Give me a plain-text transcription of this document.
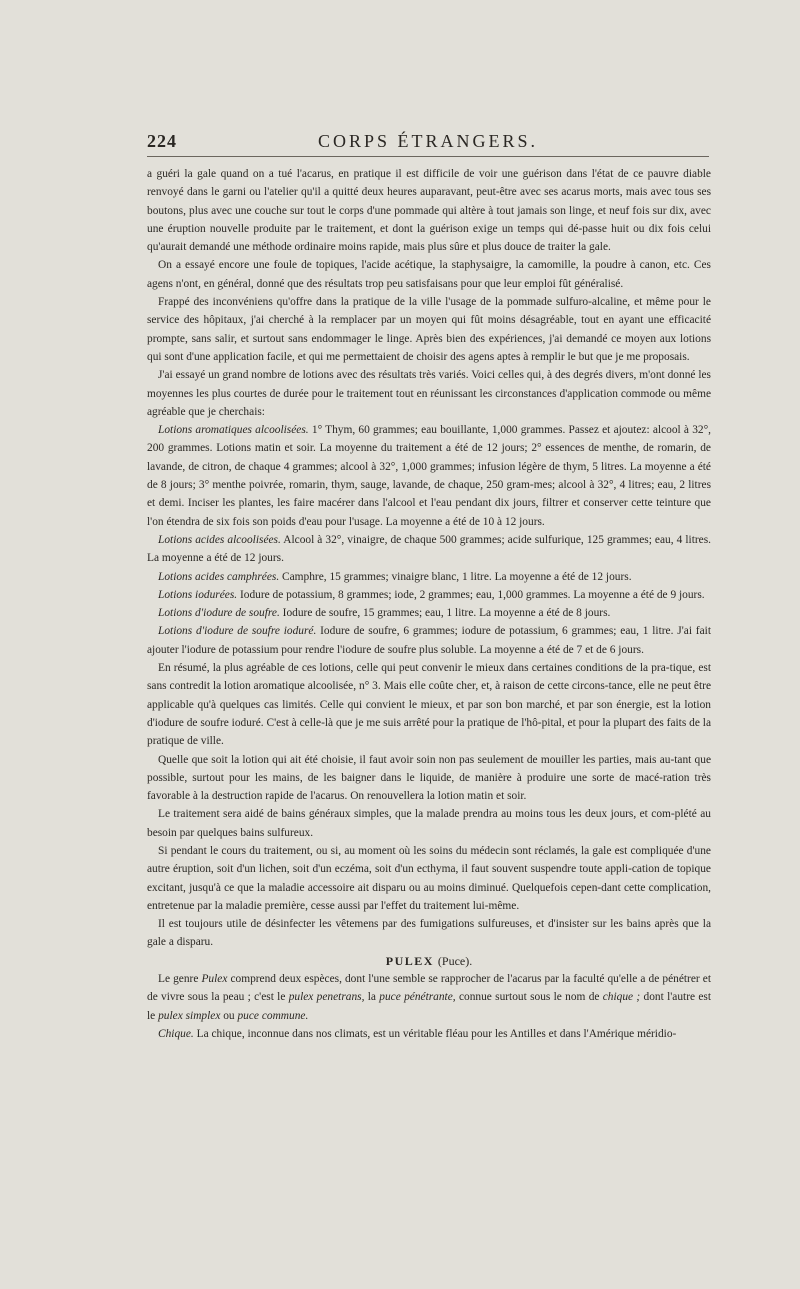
224	CORPS ÉTRANGERS.

a guéri la gale quand on a tué l'acarus, en pratique il est difficile de voir une guérison dans l'état de ce pauvre diable renvoyé dans le garni ou l'atelier qu'il a quitté deux heures auparavant, peut-être avec ses acarus morts, mais avec tous ses boutons, plus avec une couche sur tout le corps d'une pommade qui altère à tout jamais son linge, et neuf fois sur dix, avec une éruption nouvelle produite par le traitement, et dont la guérison exige un temps qui dé-passe huit ou dix fois celui qu'aurait demandé une méthode ordinaire moins rapide, mais plus sûre et plus douce de traiter la gale.

On a essayé encore une foule de topiques, l'acide acétique, la staphysaigre, la camomille, la poudre à canon, etc. Ces agens n'ont, en général, donné que des résultats trop peu satisfaisans pour que leur emploi fût généralisé.

Frappé des inconvéniens qu'offre dans la pratique de la ville l'usage de la pommade sulfuro-alcaline, et même pour le service des hôpitaux, j'ai cherché à la remplacer par un moyen qui fût moins désagréable, tout en ayant une efficacité prompte, sans salir, et surtout sans endommager le linge. Après bien des expériences, j'ai demandé ce moyen aux lotions qui sont d'une application facile, et qui me permettaient de choisir des agens aptes à remplir le but que je me proposais.

J'ai essayé un grand nombre de lotions avec des résultats très variés. Voici celles qui, à des degrés divers, m'ont donné les moyennes les plus courtes de durée pour le traitement tout en réunissant les circonstances d'application commode ou même agréable que je cherchais:

Lotions aromatiques alcoolisées. 1° Thym, 60 grammes; eau bouillante, 1,000 grammes. Passez et ajoutez: alcool à 32°, 200 grammes. Lotions matin et soir. La moyenne du traitement a été de 12 jours; 2° essences de menthe, de romarin, de lavande, de citron, de chaque 4 grammes; alcool à 32°, 1,000 grammes; infusion légère de thym, 5 litres. La moyenne a été de 8 jours; 3° menthe poivrée, romarin, thym, sauge, lavande, de chaque, 250 gram-mes; alcool à 32°, 4 litres; eau, 2 litres et demi. Inciser les plantes, les faire macérer dans l'alcool et l'eau pendant dix jours, filtrer et conserver cette teinture que l'on étendra de six fois son poids d'eau pour l'usage. La moyenne a été de 10 à 12 jours.

Lotions acides alcoolisées. Alcool à 32°, vinaigre, de chaque 500 grammes; acide sulfurique, 125 grammes; eau, 4 litres. La moyenne a été de 12 jours.

Lotions acides camphrées. Camphre, 15 grammes; vinaigre blanc, 1 litre. La moyenne a été de 12 jours.

Lotions iodurées. Iodure de potassium, 8 grammes; iode, 2 grammes; eau, 1,000 grammes. La moyenne a été de 9 jours.

Lotions d'iodure de soufre. Iodure de soufre, 15 grammes; eau, 1 litre. La moyenne a été de 8 jours.

Lotions d'iodure de soufre ioduré. Iodure de soufre, 6 grammes; iodure de potassium, 6 grammes; eau, 1 litre. J'ai fait ajouter l'iodure de potassium pour rendre l'iodure de soufre plus soluble. La moyenne a été de 7 et de 6 jours.

En résumé, la plus agréable de ces lotions, celle qui peut convenir le mieux dans certaines conditions de la pra-tique, est sans contredit la lotion aromatique alcoolisée, n° 3. Mais elle coûte cher, et, à raison de cette circons-tance, elle ne peut être applicable qu'à quelques cas limités. Celle qui convient le mieux, et par son bon marché, et par son énergie, est la lotion d'iodure de soufre ioduré. C'est à celle-là que je me suis arrêté pour la pratique de l'hô-pital, et pour la plupart des faits de la pratique de ville.

Quelle que soit la lotion qui ait été choisie, il faut avoir soin non pas seulement de mouiller les parties, mais au-tant que possible, surtout pour les mains, de les baigner dans le liquide, de manière à produire une sorte de macé-ration très favorable à la destruction rapide de l'acarus. On renouvellera la lotion matin et soir.

Le traitement sera aidé de bains généraux simples, que la malade prendra au moins tous les deux jours, et com-plété au besoin par quelques bains sulfureux.

Si pendant le cours du traitement, ou si, au moment où les soins du médecin sont réclamés, la gale est compliquée d'une autre éruption, soit d'un lichen, soit d'un eczéma, soit d'un ecthyma, il faut souvent suspendre toute appli-cation de topique excitant, jusqu'à ce que la maladie accessoire ait disparu ou au moins diminué. Quelquefois cepen-dant cette complication, entretenue par la maladie première, cesse aussi par l'effet du traitement lui-même.

Il est toujours utile de désinfecter les vêtemens par des fumigations sulfureuses, et d'insister sur les bains après que la gale a disparu.

PULEX (Puce).

Le genre Pulex comprend deux espèces, dont l'une semble se rapprocher de l'acarus par la faculté qu'elle a de pénétrer et de vivre sous la peau ; c'est le pulex penetrans, la puce pénétrante, connue surtout sous le nom de chique ; dont l'autre est le pulex simplex ou puce commune.

Chique. La chique, inconnue dans nos climats, est un véritable fléau pour les Antilles et dans l'Amérique méridio-
